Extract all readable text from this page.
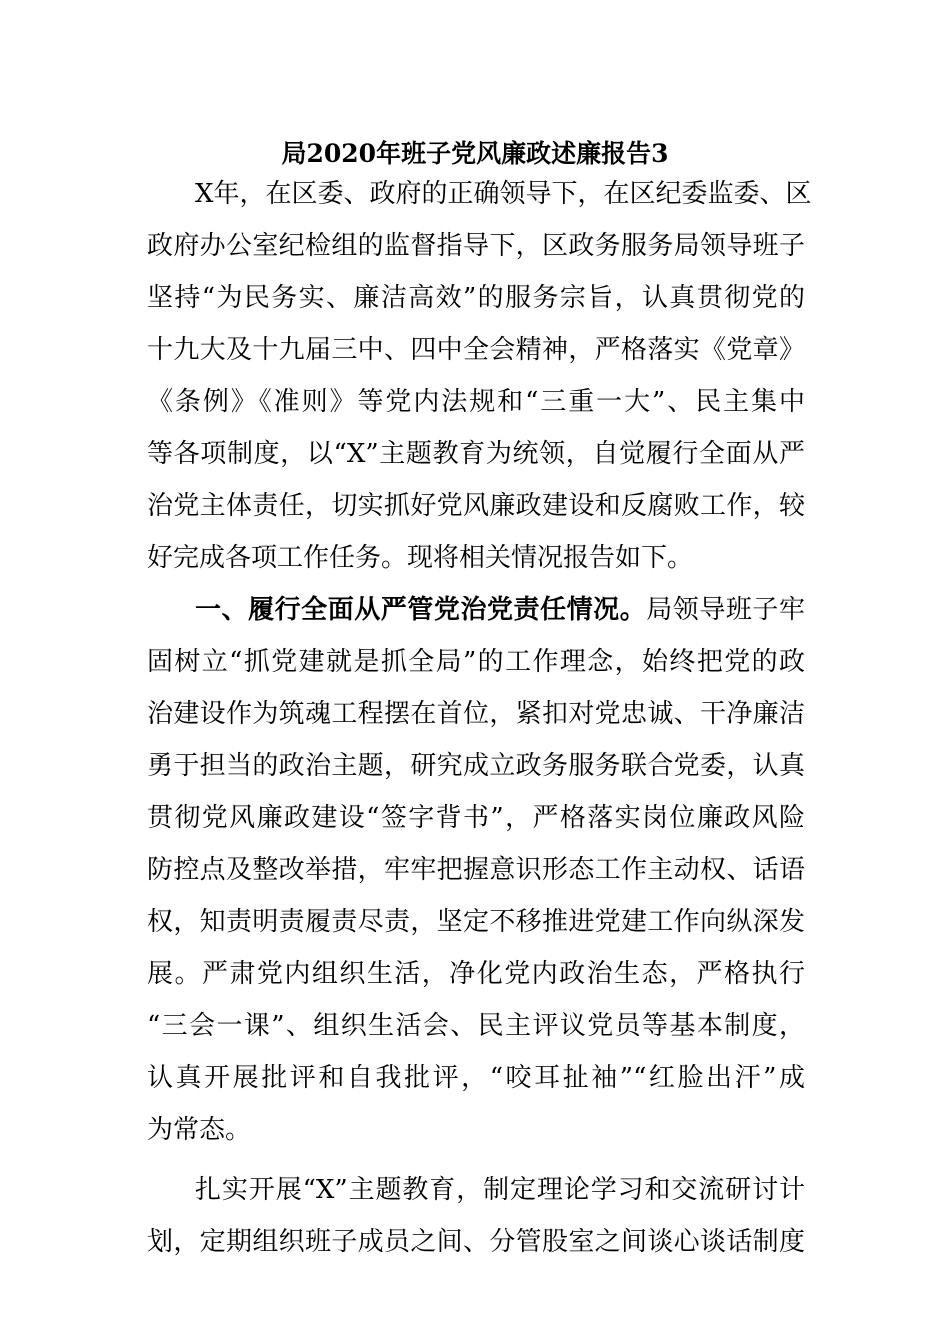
局2020年班子党风廉政述廉报告3
X年，在区委、政府的正确领导下，在区纪委监委、区
政府办公室纪检组的监督指导下，区政务服务局领导班子
坚持“为民务实、廉洁高效”的服务宗旨，认真贯彻党的
十九大及十九届三中、四中全会精神，严格落实《党章》
《条例》《准则》等党内法规和“三重一大”、民主集中
等各项制度，以“X”主题教育为统领，自觉履行全面从严
治党主体责任，切实抓好党风廉政建设和反腐败工作，较
好完成各项工作任务。现将相关情况报告如下。
一、履行全面从严管党治党责任情况。局领导班子牢
固树立“抓党建就是抓全局”的工作理念，始终把党的政
治建设作为筑魂工程摆在首位，紧扣对党忠诚、干净廉洁
勇于担当的政治主题，研究成立政务服务联合党委，认真
贯彻党风廉政建设“签字背书”，严格落实岗位廉政风险
防控点及整改举措，牢牢把握意识形态工作主动权、话语
权，知责明责履责尽责，坚定不移推进党建工作向纵深发
展。严肃党内组织生活，净化党内政治生态，严格执行
“三会一课”、组织生活会、民主评议党员等基本制度，
认真开展批评和自我批评，“咬耳扯袖”“红脸出汗”成
为常态。
扎实开展“X”主题教育，制定理论学习和交流研讨计
划，定期组织班子成员之间、分管股室之间谈心谈话制度
